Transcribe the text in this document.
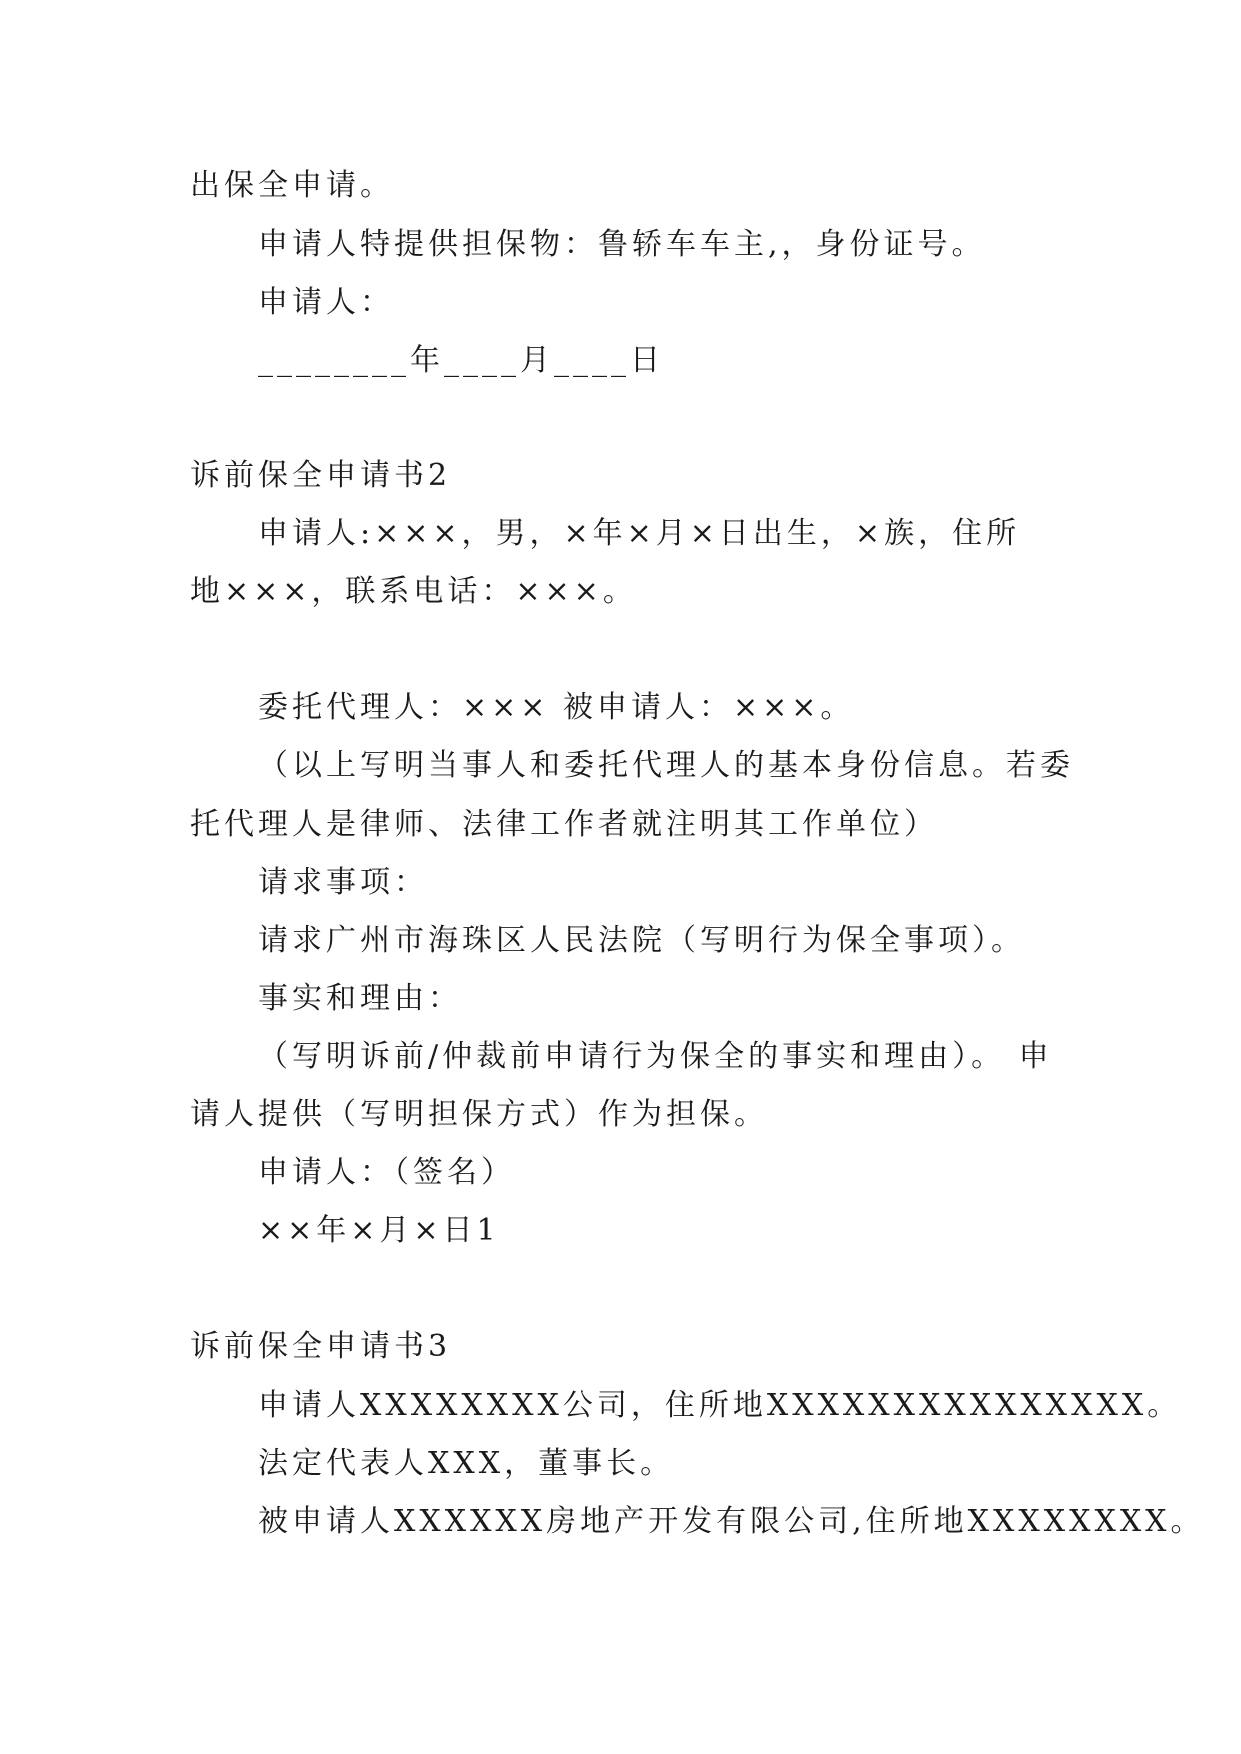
出保全申请。
申请人特提供担保物：鲁轿车车主,，身份证号。
申请人：
________年____月____日
诉前保全申请书2
申请人:×××，男，×年×月×日出生，×族，住所
地×××，联系电话：×××。
委托代理人：××× 被申请人：×××。
（以上写明当事人和委托代理人的基本身份信息。若委
托代理人是律师、法律工作者就注明其工作单位）
请求事项：
请求广州市海珠区人民法院（写明行为保全事项）。
事实和理由：
（写明诉前/仲裁前申请行为保全的事实和理由）。 申
请人提供（写明担保方式）作为担保。
申请人：（签名）
××年×月×日1
诉前保全申请书3
申请人XXXXXXXX公司，住所地XXXXXXXXXXXXXXX。
法定代表人XXX，董事长。
被申请人XXXXXX房地产开发有限公司,住所地XXXXXXXX。
